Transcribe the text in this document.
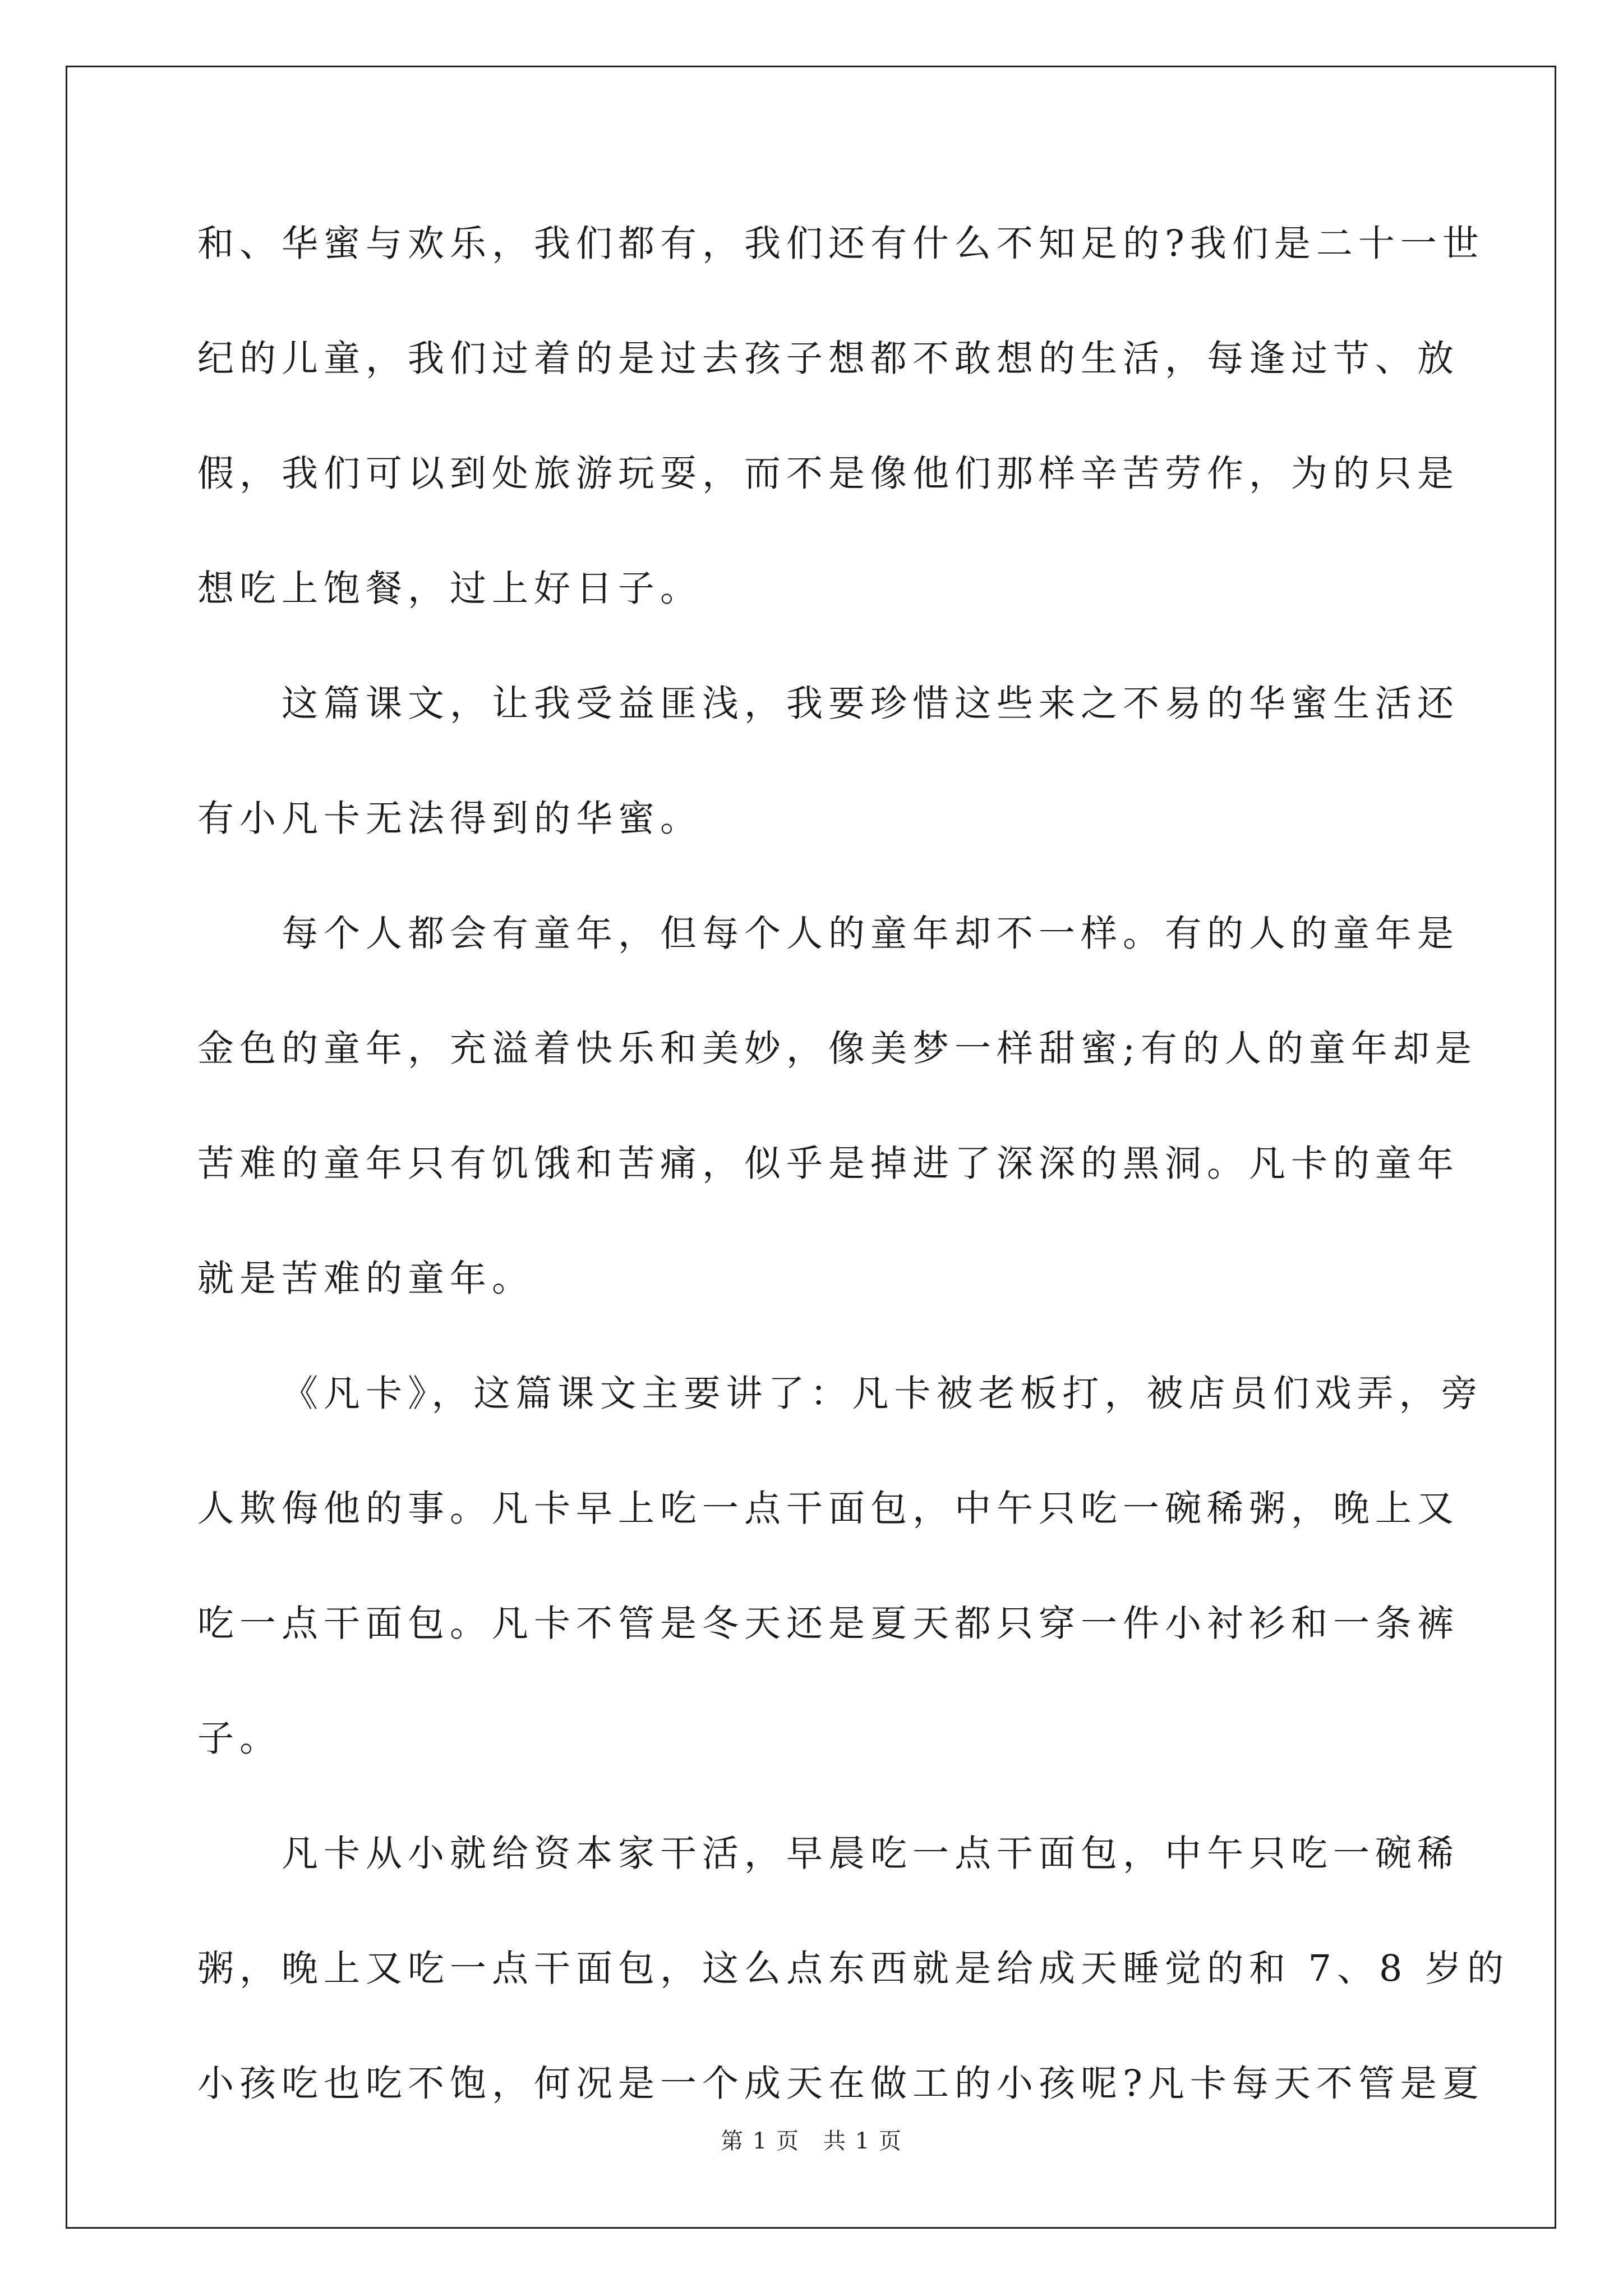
和、华蜜与欢乐，我们都有，我们还有什么不知足的?我们是二十一世
纪的儿童，我们过着的是过去孩子想都不敢想的生活，每逢过节、放
假，我们可以到处旅游玩耍，而不是像他们那样辛苦劳作，为的只是
想吃上饱餐，过上好日子。
这篇课文，让我受益匪浅，我要珍惜这些来之不易的华蜜生活还
有小凡卡无法得到的华蜜。
每个人都会有童年，但每个人的童年却不一样。有的人的童年是
金色的童年，充溢着快乐和美妙，像美梦一样甜蜜;有的人的童年却是
苦难的童年只有饥饿和苦痛，似乎是掉进了深深的黑洞。凡卡的童年
就是苦难的童年。
《凡卡》，这篇课文主要讲了：凡卡被老板打，被店员们戏弄，旁
人欺侮他的事。凡卡早上吃一点干面包，中午只吃一碗稀粥，晚上又
吃一点干面包。凡卡不管是冬天还是夏天都只穿一件小衬衫和一条裤
子。
凡卡从小就给资本家干活，早晨吃一点干面包，中午只吃一碗稀
粥，晚上又吃一点干面包，这么点东西就是给成天睡觉的和 7、8 岁的
小孩吃也吃不饱，何况是一个成天在做工的小孩呢?凡卡每天不管是夏
第 1 页　共 1 页
